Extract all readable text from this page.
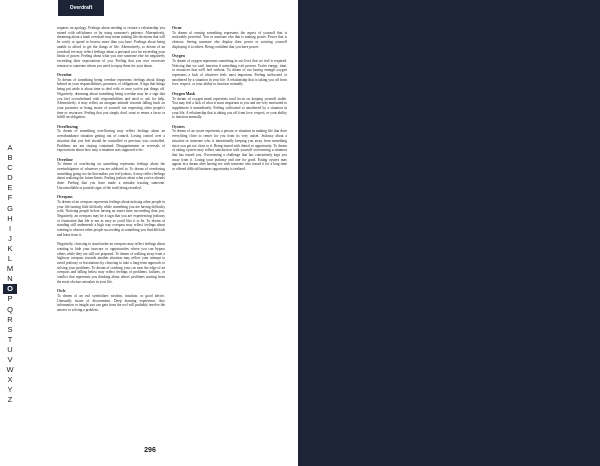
Overdraft
A
B
C
D
E
F
G
H
I
J
K
L
M
N
O
P
Q
R
S
T
U
V
W
X
Y
Z

requires on apology. Feelings about needing to restore a relationship you ruined with selfishness or by using someone's patience. Alternatively, dreaming about a bank overdraft may mean making life decisions that will be costly or spend or borrow more than you have. Feelings about being unable to afford to get the things of life. Alternatively, to dream of an overdraft fee may reflect feelings about a personal cost for exceeding your limits of power. Feeling about what you owe someone else for negatively exceeding their expectations of you. Feeling that you owe excessive remorse to someone whom you need to repay them for your abuse.

Overdue

To dream of something being overdue represents feelings about things behind on your responsibilities, promises, or obligations. A sign that things being put aside is about time to deal with or once you've put things off. Negatively, dreaming about something being overdue may be a sign that you feel overwhelmed with responsibilities and need to ask for help. Alternatively, it may reflect an arrogant attitude towards falling back on your promises or being aware of yourself not respecting other people's time or resources. Feeling that you simply don't want to return a favor or fulfill an obligation.

Overflowing

To dream of something overflowing may reflect feelings about an overabundance situation getting out of control. Losing control over a situation that you feel should be controlled or previous was controlled. Problems are not staying contained. Disappointment or reversals of expectations about how easy a situation was supposed to be.

Overdose

To dream of overdosing on something represents feelings about the overindulgence of whatever you are addicted to. To dream of overdosing something going too far that makes you feel jealous. It may reflect feelings about realizing the future limits. Feeling jealous about what you've already done. Feeling that you have made a mistake trusting someone. Uncontrollable or painful signs of the truth being revealed.

Overpass

To dream of an overpass represents feelings about noticing other people in your life turning little difficulty while something you are having difficulty with. Noticing people before having an easier time succeeding than you. Negatively, an overpass may be a sign that you are experiencing jealousy or frustration that life is not as easy as you'd like it to be. To dream of standing still underneath a high way overpass may reflect feelings about wanting to observe other people succeeding at something you find difficult and learn from it.

Negatively, choosing to stand under an overpass may reflect feelings about wanting to hide your insecure or opportunities where you can bypass others while they are still not prepared. To dream of walking away from a highway overpass towards another situation may reflect your attempt to avoid jealousy or frustrations by choosing to take a long-term approach to solving your problems. To dream of crashing your car near the edge of an overpass and falling below may reflect feelings of problems, failures, or conflict that represents you thinking about others' problems starting from the most obvious mistakes in your life.

Owls

To dream of an owl symbolizes wisdom, intuition, or good advice. Unusually aware of discernment. Deep learning experience. Any information or insight you can gain from the owl will probably involve the answer to solving a problem.

Ownr

To dream of owning something represents the aspect of yourself that is noticeably powerful. You or someone else that is making power. Power that is obvious. Seeing someone else display their power or noticing yourself displaying it to others. Being confident that you have power.

Oxygen

To dream of oxygen represents something in our lives that we feel is required. Noticing that we can't function if something isn't present. You're energy, time, or resources that we'll feel without. To dream of not having enough oxygen represents a lack of whatever feels most important. Feeling suffocated or smothered by a situation in your life. A relationship that is taking you off from love, respect, or your ability to function normally.

Oxygen Mask

To dream of oxygen mask represents total focus on keeping yourself stable. You may feel a lack of what is most important to you and are very motivated to supplement it immediately. Feeling suffocated or smothered by a situation in your life. A relationship that is taking you off from love, respect, or your ability to function normally.

Oysters

To dream of an oyster represents a person or situation in making life that does everything close to center for you from its very outset. Jealousy about a situation or someone who is intentionally keeping you away from something since you get too close to it. Being teased with denial or opportunity. To dream of eating oysters may reflect satisfaction with yourself overcoming a situation that has teased you. Overcoming a challenge that has consistently kept you away from it. Losing your jealousy and one for good. Eating oysters may appear in a dream after having sex with someone who teased it for a long time or offered difficult business opportunity is realized.

296
